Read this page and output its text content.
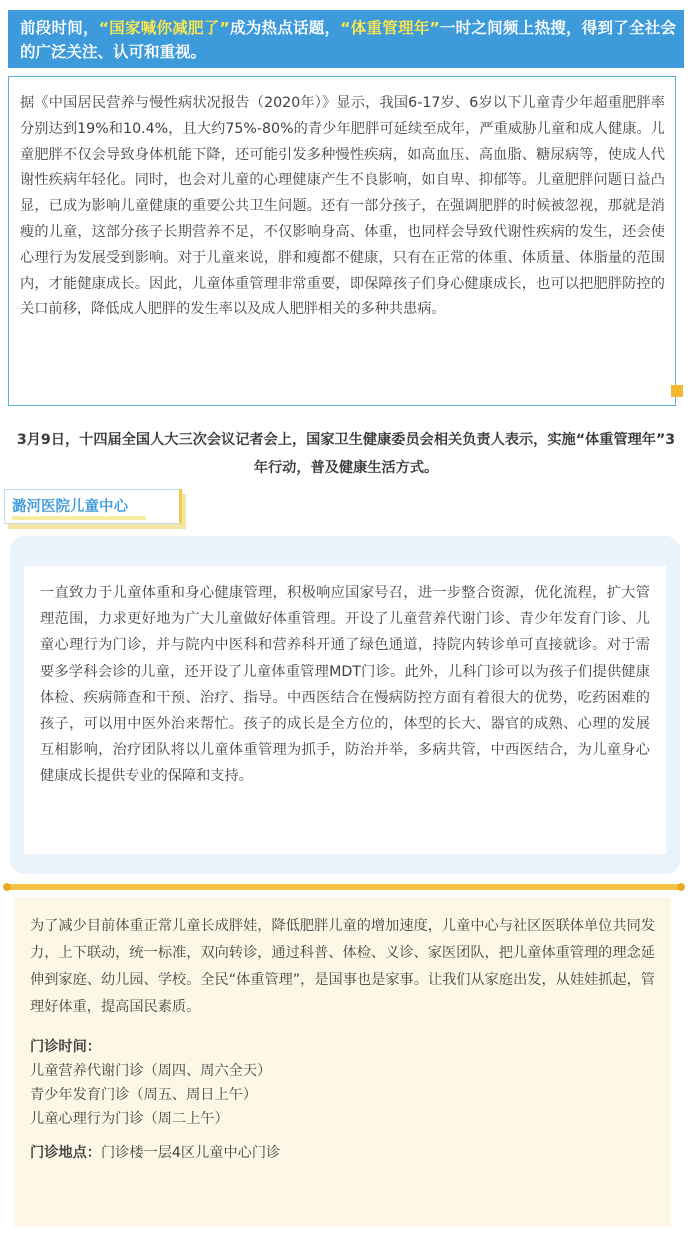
前段时间，“国家喊你减肥了”成为热点话题，“体重管理年”一时之间频上热搜，得到了全社会的广泛关注、认可和重视。
据《中国居民营养与慢性病状况报告（2020年）》显示，我国6-17岁、6岁以下儿童青少年超重肥胖率分别达到19%和10.4%，且大约75%-80%的青少年肥胖可延续至成年，严重威胁儿童和成人健康。儿童肥胖不仅会导致身体机能下降，还可能引发多种慢性疾病，如高血压、高血脂、糖尿病等，使成人代谢性疾病年轻化。同时，也会对儿童的心理健康产生不良影响，如自卑、抑郁等。儿童肥胖问题日益凸显，已成为影响儿童健康的重要公共卫生问题。还有一部分孩子，在强调肥胖的时候被忽视，那就是消瘦的儿童，这部分孩子长期营养不足，不仅影响身高、体重，也同样会导致代谢性疾病的发生，还会使心理行为发展受到影响。对于儿童来说，胖和瘦都不健康，只有在正常的体重、体质量、体脂量的范围内，才能健康成长。因此，儿童体重管理非常重要，即保障孩子们身心健康成长，也可以把肥胖防控的关口前移，降低成人肥胖的发生率以及成人肥胖相关的多种共患病。
3月9日，十四届全国人大三次会议记者会上，国家卫生健康委员会相关负责人表示，实施“体重管理年”3年行动，普及健康生活方式。
潞河医院儿童中心
一直致力于儿童体重和身心健康管理，积极响应国家号召，进一步整合资源，优化流程，扩大管理范围，力求更好地为广大儿童做好体重管理。开设了儿童营养代谢门诊、青少年发育门诊、儿童心理行为门诊，并与院内中医科和营养科开通了绿色通道，持院内转诊单可直接就诊。对于需要多学科会诊的儿童，还开设了儿童体重管理MDT门诊。此外，儿科门诊可以为孩子们提供健康体检、疾病筛查和干预、治疗、指导。中西医结合在慢病防控方面有着很大的优势，吃药困难的孩子，可以用中医外治来帮忙。孩子的成长是全方位的，体型的长大、器官的成熟、心理的发展互相影响，治疗团队将以儿童体重管理为抓手，防治并举，多病共管，中西医结合，为儿童身心健康成长提供专业的保障和支持。
为了减少目前体重正常儿童长成胖娃，降低肥胖儿童的增加速度，儿童中心与社区医联体单位共同发力，上下联动，统一标准，双向转诊，通过科普、体检、义诊、家医团队，把儿童体重管理的理念延伸到家庭、幼儿园、学校。全民“体重管理”，是国事也是家事。让我们从家庭出发，从娃娃抓起，管理好体重，提高国民素质。
门诊时间：
儿童营养代谢门诊（周四、周六全天）
青少年发育门诊（周五、周日上午）
儿童心理行为门诊（周二上午）
门诊地点：门诊楼一层4区儿童中心门诊
